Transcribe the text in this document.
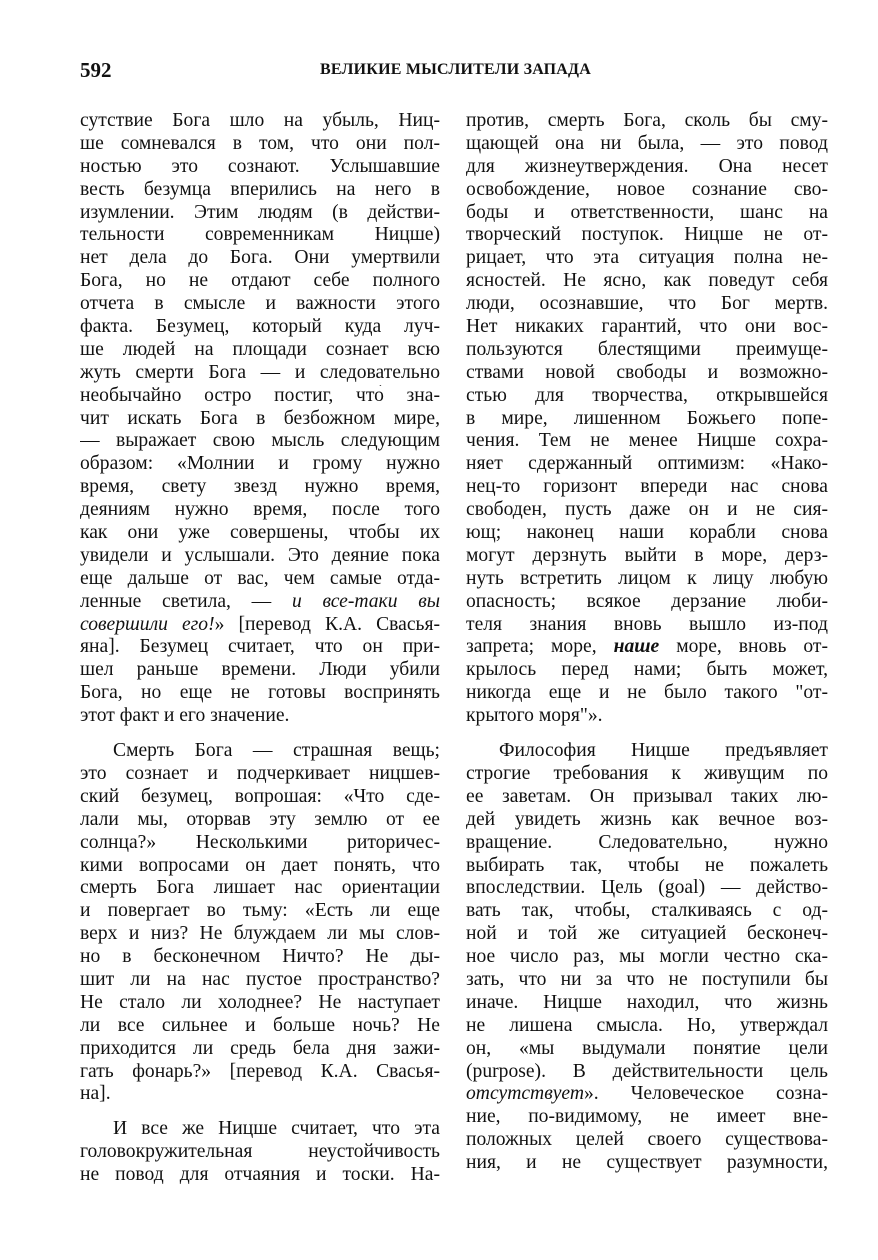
592	ВЕЛИКИЕ МЫСЛИТЕЛИ ЗАПАДА
сутствие Бога шло на убыль, Ниц-
ше сомневался в том, что они пол-
ностью это сознают. Услышавшие
весть безумца вперились на него в
изумлении. Этим людям (в действи-
тельности современникам Ницше)
нет дела до Бога. Они умертвили
Бога, но не отдают себе полного
отчета в смысле и важности этого
факта. Безумец, который куда луч-
ше людей на площади сознает всю
жуть смерти Бога — и следовательно
необычайно остро постиг, что́ зна-
чит искать Бога в безбожном мире,
— выражает свою мысль следующим
образом: «Молнии и грому нужно
время, свету звезд нужно время,
деяниям нужно время, после того
как они уже совершены, чтобы их
увидели и услышали. Это деяние пока
еще дальше от вас, чем самые отда-
ленные светила, — и все-таки вы
совершили его!» [перевод К.А. Свасья-
яна]. Безумец считает, что он при-
шел раньше времени. Люди убили
Бога, но еще не готовы воспринять
этот факт и его значение.
Смерть Бога — страшная вещь;
это сознает и подчеркивает ницшев-
ский безумец, вопрошая: «Что сде-
лали мы, оторвав эту землю от ее
солнца?» Несколькими риторичес-
кими вопросами он дает понять, что
смерть Бога лишает нас ориентации
и повергает во тьму: «Есть ли еще
верх и низ? Не блуждаем ли мы слов-
но в бесконечном Ничто? Не ды-
шит ли на нас пустое пространство?
Не стало ли холоднее? Не наступает
ли все сильнее и больше ночь? Не
приходится ли средь бела дня зажи-
гать фонарь?» [перевод К.А. Свасья-
на].
И все же Ницше считает, что эта
головокружительная неустойчивость
не повод для отчаяния и тоски. На-
против, смерть Бога, сколь бы сму-
щающей она ни была, — это повод
для жизнеутверждения. Она несет
освобождение, новое сознание сво-
боды и ответственности, шанс на
творческий поступок. Ницше не от-
рицает, что эта ситуация полна не-
ясностей. Не ясно, как поведут себя
люди, осознавшие, что Бог мертв.
Нет никаких гарантий, что они вос-
пользуются блестящими преимуще-
ствами новой свободы и возможно-
стью для творчества, открывшейся
в мире, лишенном Божьего попе-
чения. Тем не менее Ницше сохра-
няет сдержанный оптимизм: «Нако-
нец-то горизонт впереди нас снова
свободен, пусть даже он и не сия-
ющ; наконец наши корабли снова
могут дерзнуть выйти в море, дерз-
нуть встретить лицом к лицу любую
опасность; всякое дерзание люби-
теля знания вновь вышло из-под
запрета; море, наше море, вновь от-
крылось перед нами; быть может,
никогда еще и не было такого "от-
крытого моря"».
Философия Ницше предъявляет
строгие требования к живущим по
ее заветам. Он призывал таких лю-
дей увидеть жизнь как вечное воз-
вращение. Следовательно, нужно
выбирать так, чтобы не пожалеть
впоследствии. Цель (goal) — действо-
вать так, чтобы, сталкиваясь с од-
ной и той же ситуацией бесконеч-
ное число раз, мы могли честно ска-
зать, что ни за что не поступили бы
иначе. Ницше находил, что жизнь
не лишена смысла. Но, утверждал
он, «мы выдумали понятие цели
(purpose). В действительности цель
отсутствует». Человеческое созна-
ние, по-видимому, не имеет вне-
положных целей своего существова-
ния, и не существует разумности,
